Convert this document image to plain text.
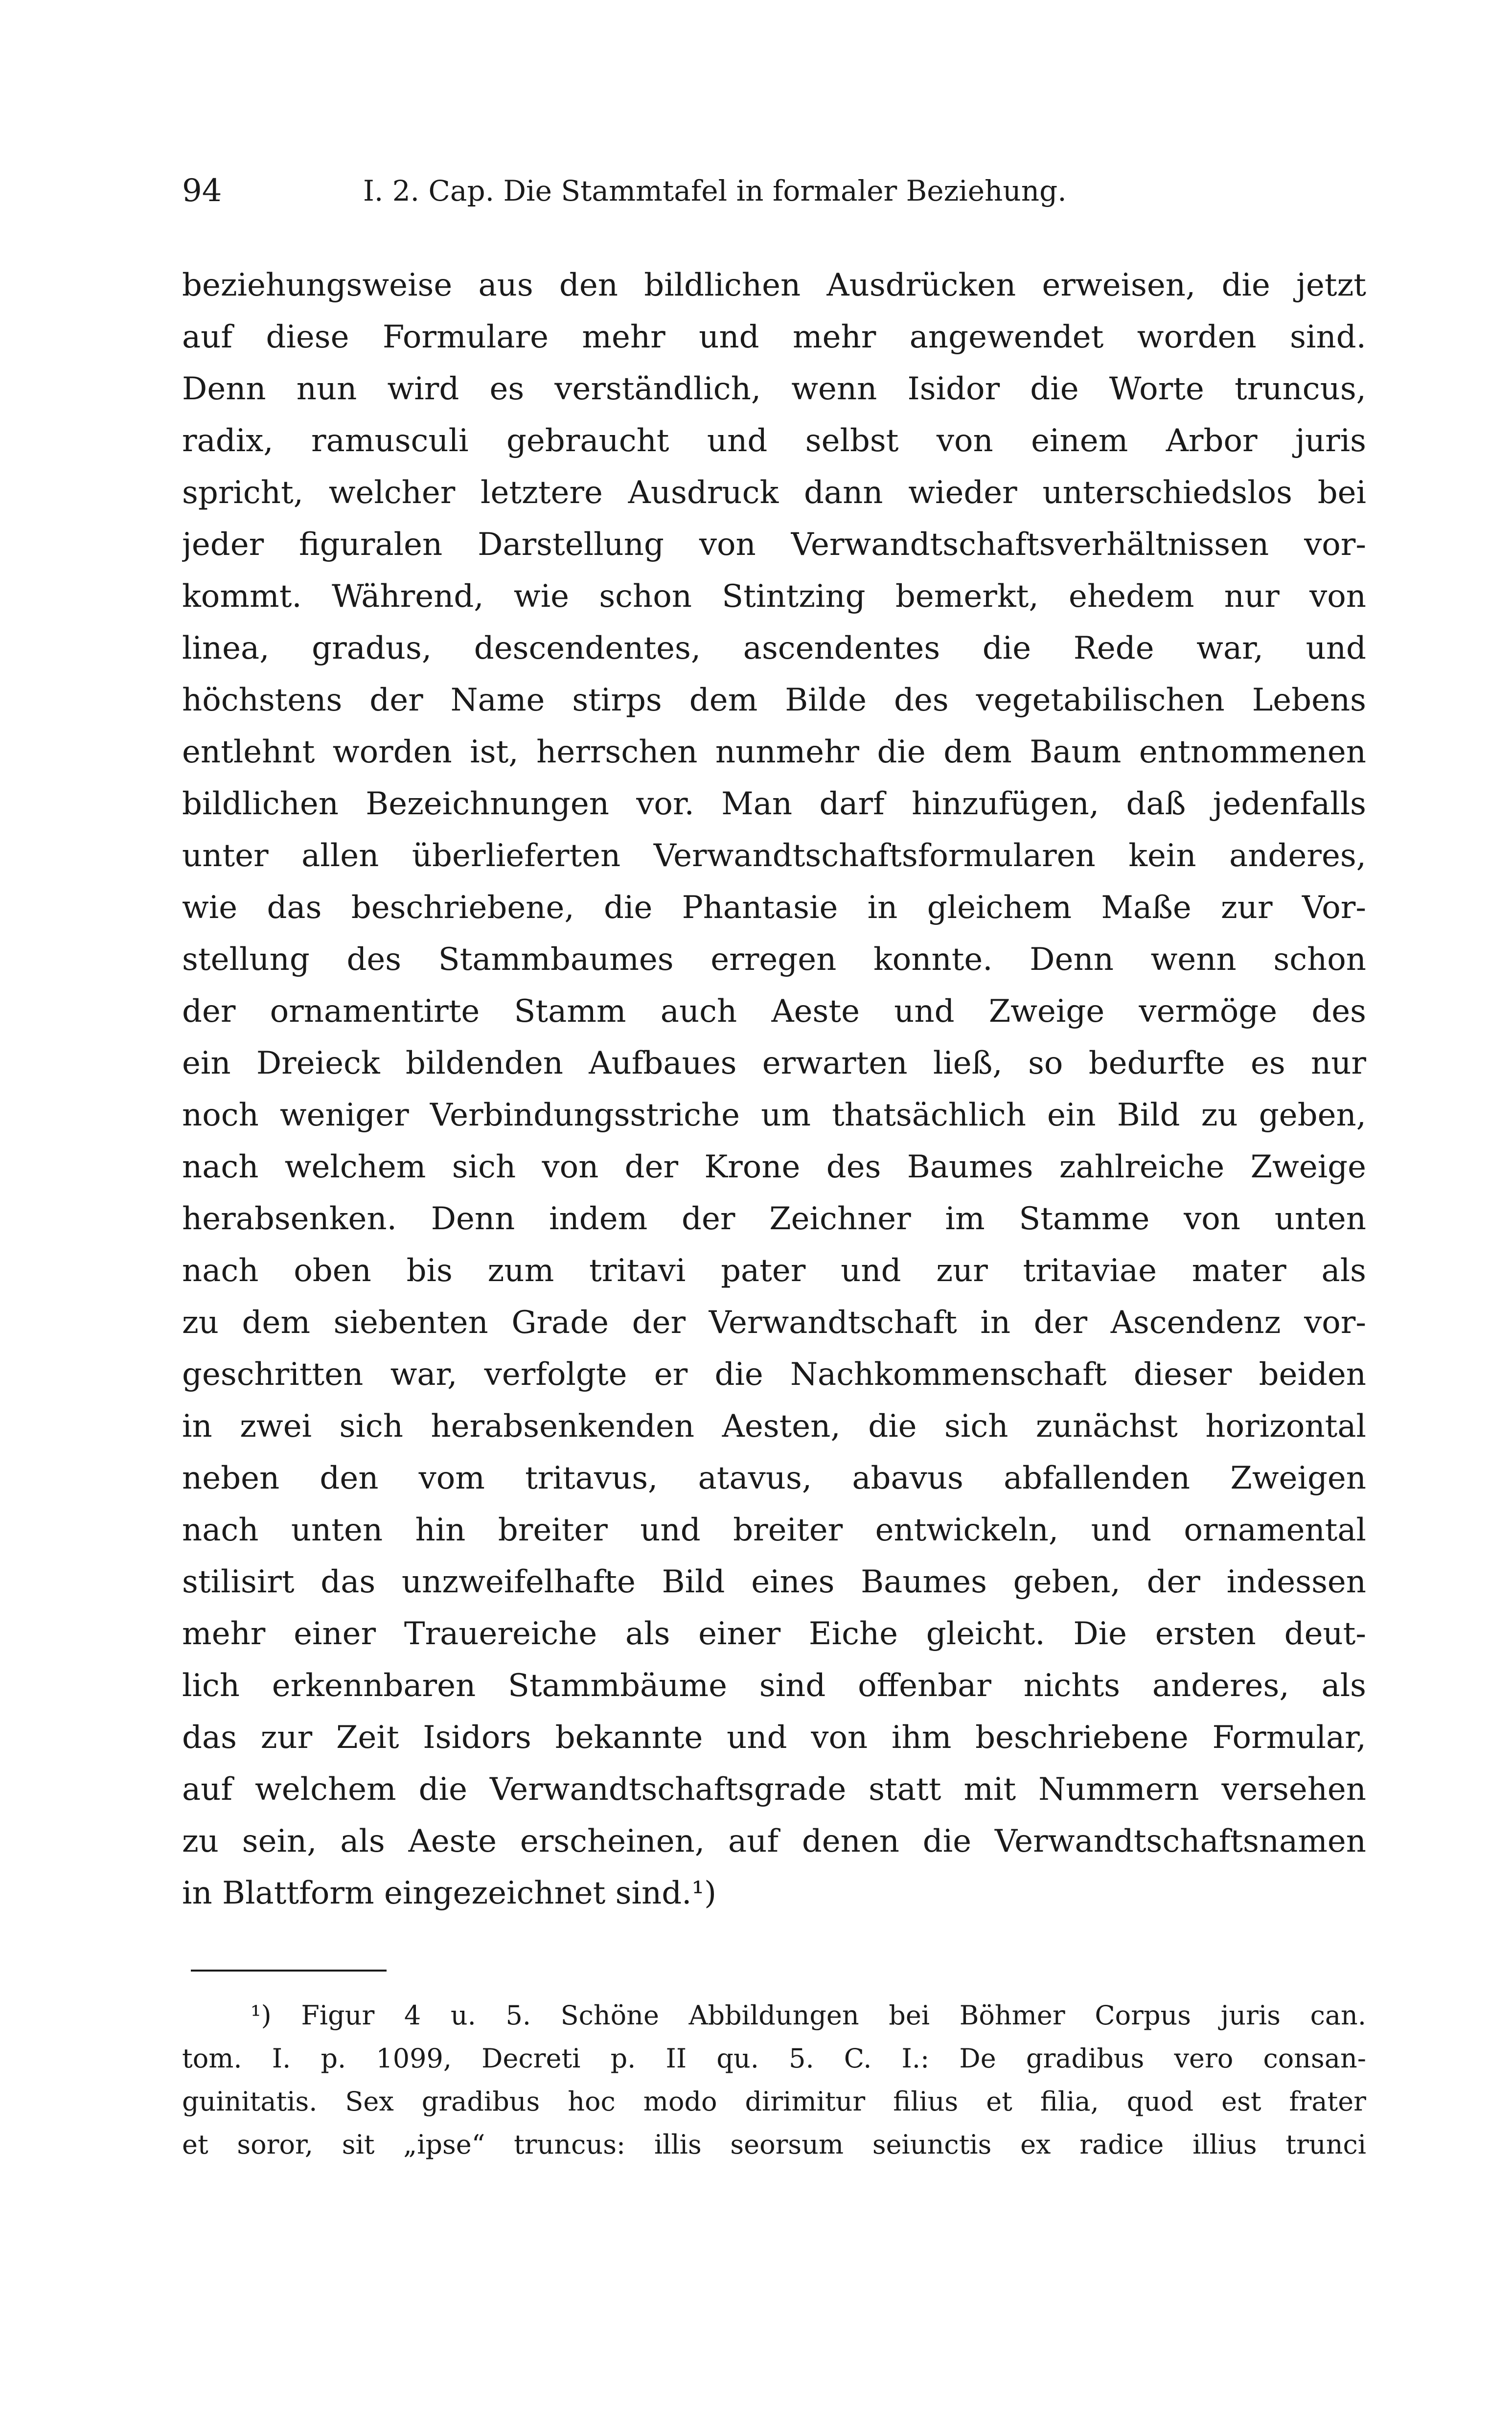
94	I. 2. Cap. Die Stammtafel in formaler Beziehung.
beziehungsweise aus den bildlichen Ausdrücken erweisen, die jetzt
auf diese Formulare mehr und mehr angewendet worden sind.
Denn nun wird es verständlich, wenn Isidor die Worte truncus,
radix, ramusculi gebraucht und selbst von einem Arbor juris
spricht, welcher letztere Ausdruck dann wieder unterschiedslos bei
jeder figuralen Darstellung von Verwandtschaftsverhältnissen vor-
kommt. Während, wie schon Stintzing bemerkt, ehedem nur von
linea, gradus, descendentes, ascendentes die Rede war, und
höchstens der Name stirps dem Bilde des vegetabilischen Lebens
entlehnt worden ist, herrschen nunmehr die dem Baum entnommenen
bildlichen Bezeichnungen vor. Man darf hinzufügen, daß jedenfalls
unter allen überlieferten Verwandtschaftsformularen kein anderes,
wie das beschriebene, die Phantasie in gleichem Maße zur Vor-
stellung des Stammbaumes erregen konnte. Denn wenn schon
der ornamentirte Stamm auch Aeste und Zweige vermöge des
ein Dreieck bildenden Aufbaues erwarten ließ, so bedurfte es nur
noch weniger Verbindungsstriche um thatsächlich ein Bild zu geben,
nach welchem sich von der Krone des Baumes zahlreiche Zweige
herabsenken. Denn indem der Zeichner im Stamme von unten
nach oben bis zum tritavi pater und zur tritaviae mater als
zu dem siebenten Grade der Verwandtschaft in der Ascendenz vor-
geschritten war, verfolgte er die Nachkommenschaft dieser beiden
in zwei sich herabsenkenden Aesten, die sich zunächst horizontal
neben den vom tritavus, atavus, abavus abfallenden Zweigen
nach unten hin breiter und breiter entwickeln, und ornamental
stilisirt das unzweifelhafte Bild eines Baumes geben, der indessen
mehr einer Trauereiche als einer Eiche gleicht. Die ersten deut-
lich erkennbaren Stammbäume sind offenbar nichts anderes, als
das zur Zeit Isidors bekannte und von ihm beschriebene Formular,
auf welchem die Verwandtschaftsgrade statt mit Nummern versehen
zu sein, als Aeste erscheinen, auf denen die Verwandtschaftsnamen
in Blattform eingezeichnet sind.¹)
¹) Figur 4 u. 5. Schöne Abbildungen bei Böhmer Corpus juris can.
tom. I. p. 1099, Decreti p. II qu. 5. C. I.: De gradibus vero consan-
guinitatis. Sex gradibus hoc modo dirimitur filius et filia, quod est frater
et soror, sit „ipse“ truncus: illis seorsum seiunctis ex radice illius trunci
